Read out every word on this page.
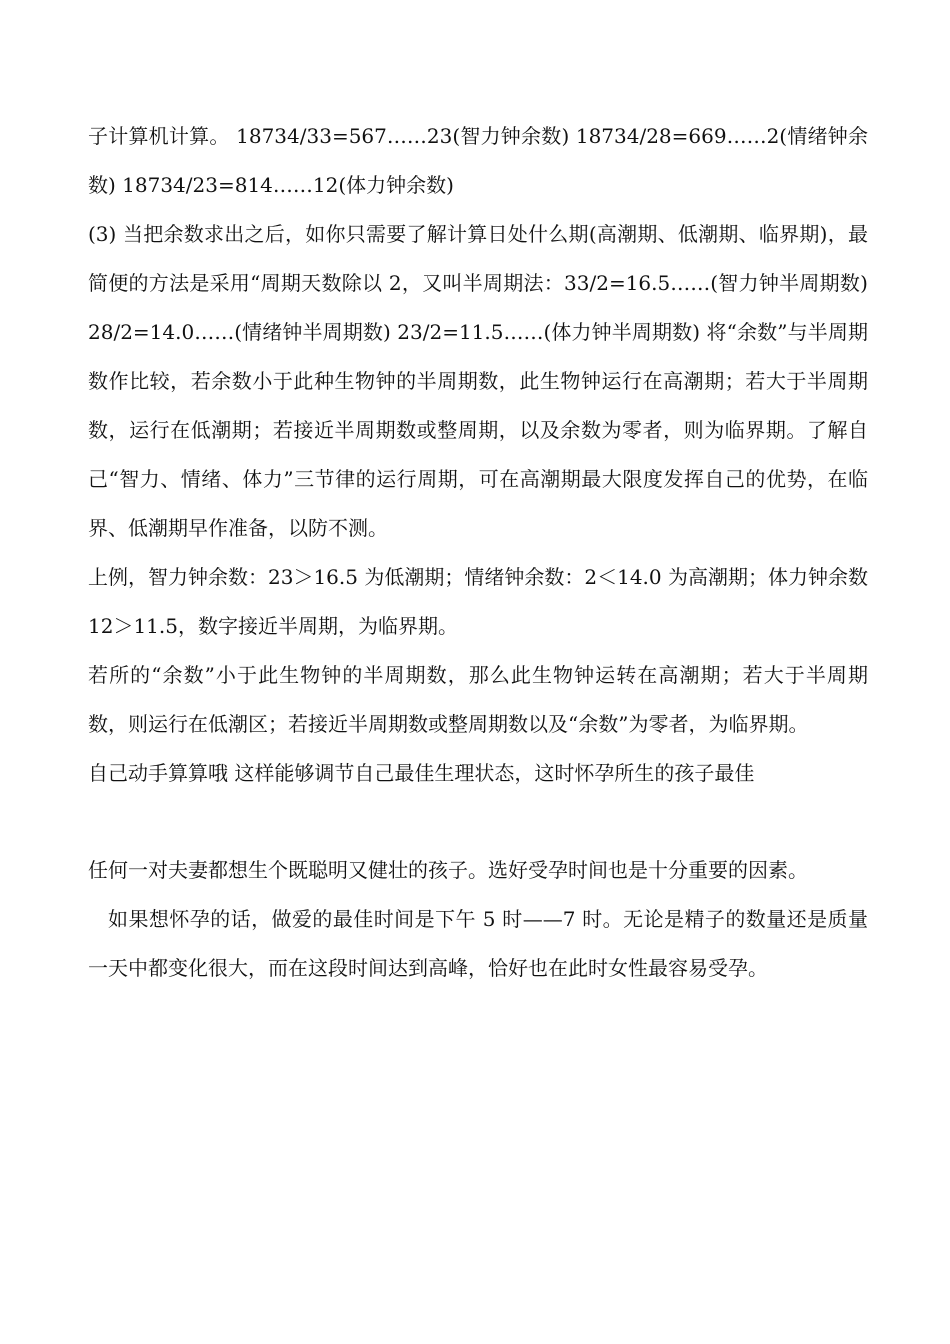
子计算机计算。 18734/33=567……23(智力钟余数) 18734/28=669……2(情绪钟余数) 18734/23=814……12(体力钟余数)

(3) 当把余数求出之后，如你只需要了解计算日处什么期(高潮期、低潮期、临界期)，最简便的方法是采用“周期天数除以 2，又叫半周期法：33/2=16.5……(智力钟半周期数) 28/2=14.0……(情绪钟半周期数) 23/2=11.5……(体力钟半周期数) 将“余数”与半周期数作比较，若余数小于此种生物钟的半周期数，此生物钟运行在高潮期；若大于半周期数，运行在低潮期；若接近半周期数或整周期，以及余数为零者，则为临界期。了解自己“智力、情绪、体力”三节律的运行周期，可在高潮期最大限度发挥自己的优势，在临界、低潮期早作准备，以防不测。

上例，智力钟余数：23＞16.5 为低潮期；情绪钟余数：2＜14.0 为高潮期；体力钟余数 12＞11.5，数字接近半周期，为临界期。

若所的“余数”小于此生物钟的半周期数，那么此生物钟运转在高潮期；若大于半周期数，则运行在低潮区；若接近半周期数或整周期数以及“余数”为零者，为临界期。

自己动手算算哦 这样能够调节自己最佳生理状态，这时怀孕所生的孩子最佳

任何一对夫妻都想生个既聪明又健壮的孩子。选好受孕时间也是十分重要的因素。

如果想怀孕的话，做爱的最佳时间是下午 5 时——7 时。无论是精子的数量还是质量一天中都变化很大，而在这段时间达到高峰，恰好也在此时女性最容易受孕。
